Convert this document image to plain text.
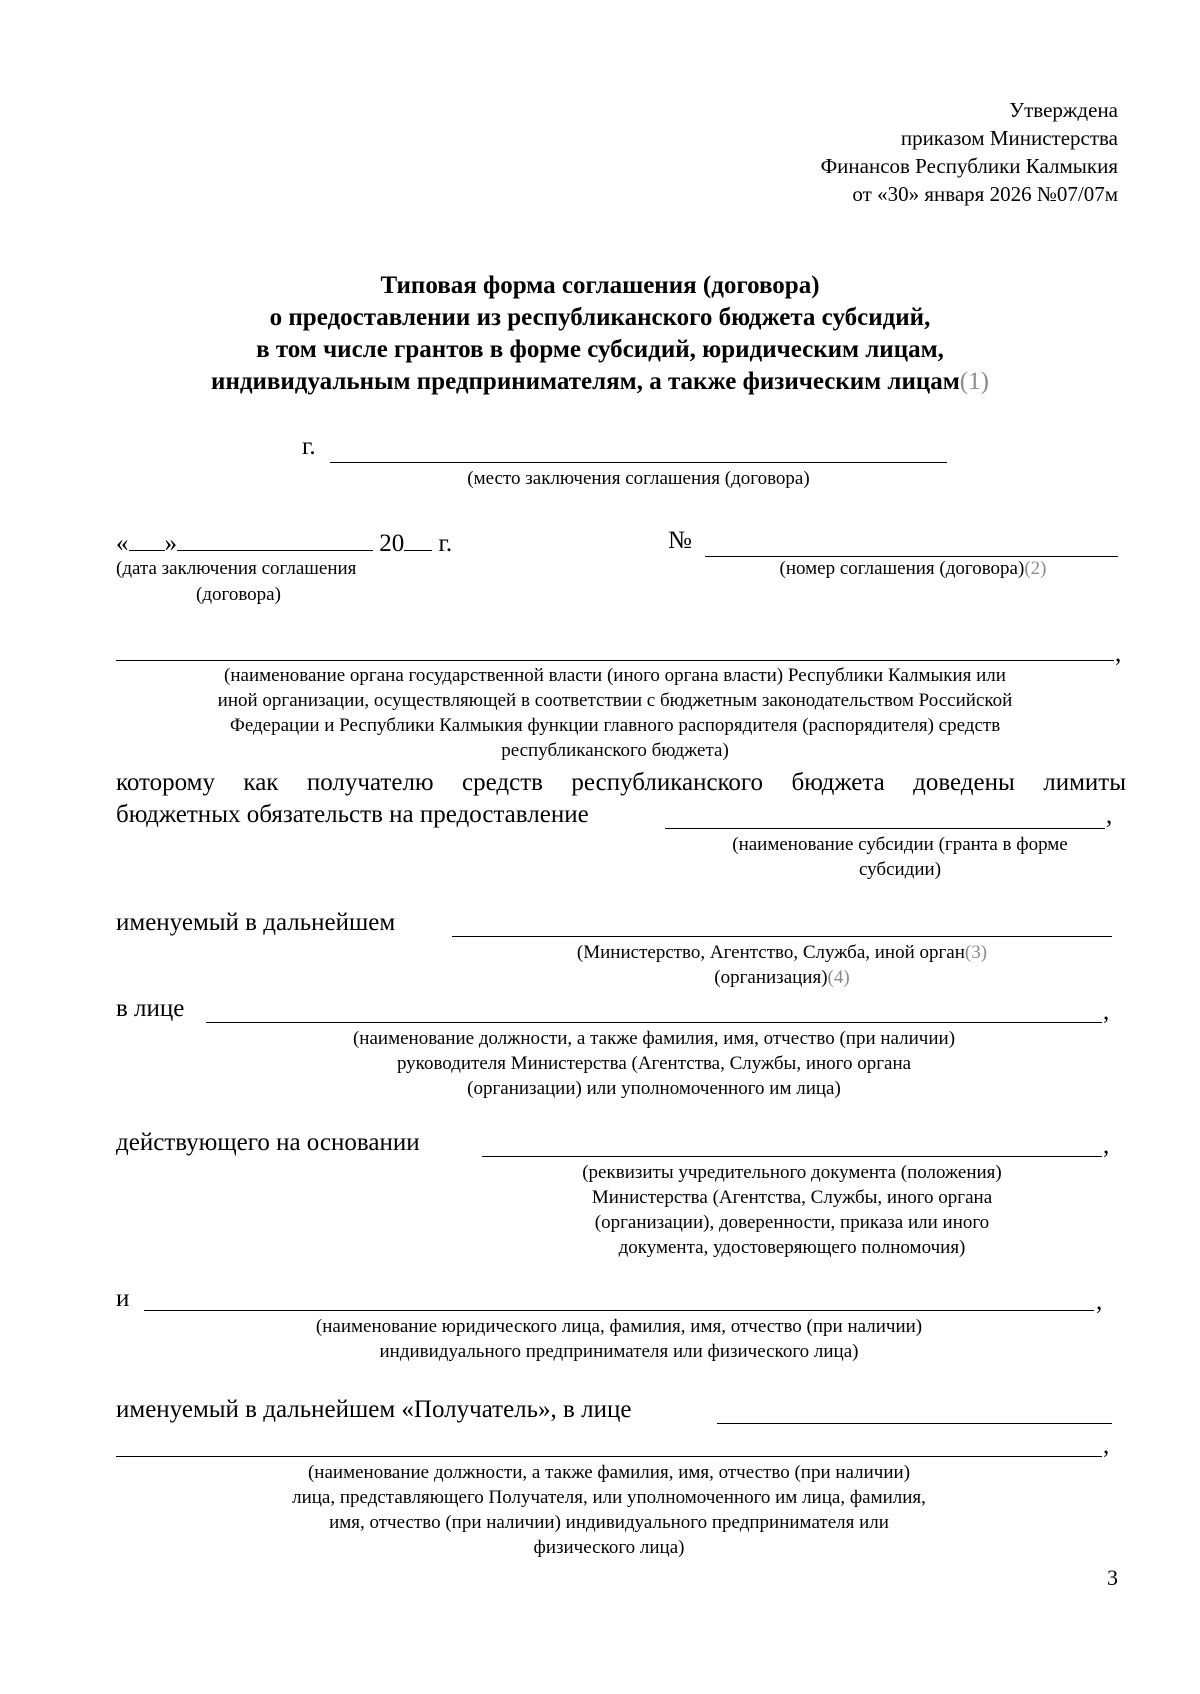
Утверждена
приказом Министерства
Финансов Республики Калмыкия
от «30» января 2026 №07/07м
Типовая форма соглашения (договора)
о предоставлении из республиканского бюджета субсидий,
в том числе грантов в форме субсидий, юридическим лицам,
индивидуальным предпринимателям, а также физическим лицам(1)
г.
(место заключения соглашения (договора)
« »	20 г.
(дата заключения соглашения
(договора)
№
(номер соглашения (договора)(2)
,
(наименование органа государственной власти (иного органа власти) Республики Калмыкия или
иной организации, осуществляющей в соответствии с бюджетным законодательством Российской
Федерации и Республики Калмыкия функции главного распорядителя (распорядителя) средств
республиканского бюджета)
которому как получателю средств республиканского бюджета доведены лимиты
бюджетных обязательств на предоставление	,
(наименование субсидии (гранта в форме
субсидии)
именуемый в дальнейшем
(Министерство, Агентство, Служба, иной орган(3)
(организация)(4)
в лице	,
(наименование должности, а также фамилия, имя, отчество (при наличии)
руководителя Министерства (Агентства, Службы, иного органа
(организации) или уполномоченного им лица)
действующего на основании	,
(реквизиты учредительного документа (положения)
Министерства (Агентства, Службы, иного органа
(организации), доверенности, приказа или иного
документа, удостоверяющего полномочия)
и	,
(наименование юридического лица, фамилия, имя, отчество (при наличии)
индивидуального предпринимателя или физического лица)
именуемый в дальнейшем «Получатель», в лице
,
(наименование должности, а также фамилия, имя, отчество (при наличии)
лица, представляющего Получателя, или уполномоченного им лица, фамилия,
имя, отчество (при наличии) индивидуального предпринимателя или
физического лица)
3
